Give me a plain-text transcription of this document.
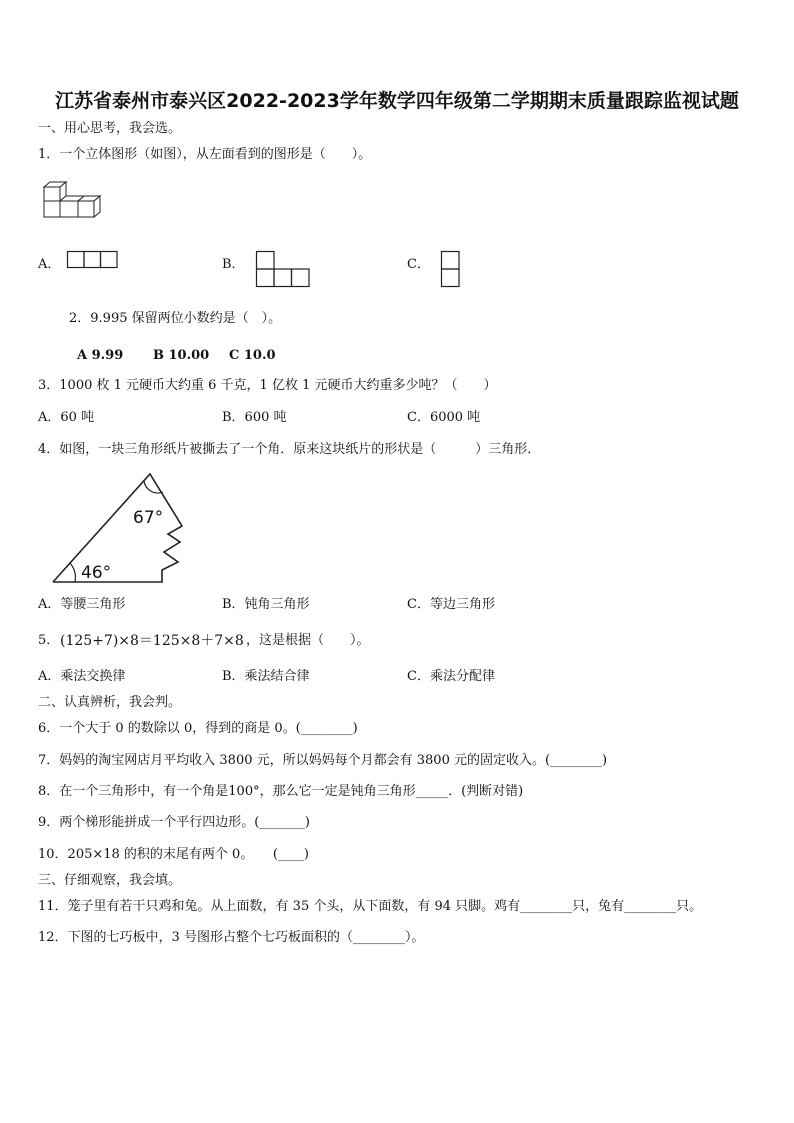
江苏省泰州市泰兴区2022-2023学年数学四年级第二学期期末质量跟踪监视试题
一、用心思考，我会选。
1．一个立体图形（如图），从左面看到的图形是（　　）。
A．	B．	C．
2．9.995 保留两位小数约是（　）。
A 9.99 B 10.00 C 10.0
3．1000 枚 1 元硬币大约重 6 千克，1 亿枚 1 元硬币大约重多少吨？（　　）
A．60 吨	B．600 吨	C．6000 吨
4．如图，一块三角形纸片被撕去了一个角．原来这块纸片的形状是（　　　）三角形．
67°
46°
A．等腰三角形	B．钝角三角形	C．等边三角形
5． (125+7)×8＝125×8＋7×8 ，这是根据（　　）。
A．乘法交换律	B．乘法结合律	C．乘法分配律
二、认真辨析，我会判。
6．一个大于 0 的数除以 0，得到的商是 0。(________)
7．妈妈的淘宝网店月平均收入 3800 元，所以妈妈每个月都会有 3800 元的固定收入。(________)
8．在一个三角形中，有一个角是100°，那么它一定是钝角三角形_____．(判断对错)
9．两个梯形能拼成一个平行四边形。(_______)
10．205×18 的积的末尾有两个 0。　　(____)
三、仔细观察，我会填。
11．笼子里有若干只鸡和兔。从上面数，有 35 个头，从下面数，有 94 只脚。鸡有________只，兔有________只。
12．下图的七巧板中，3 号图形占整个七巧板面积的（________）。
